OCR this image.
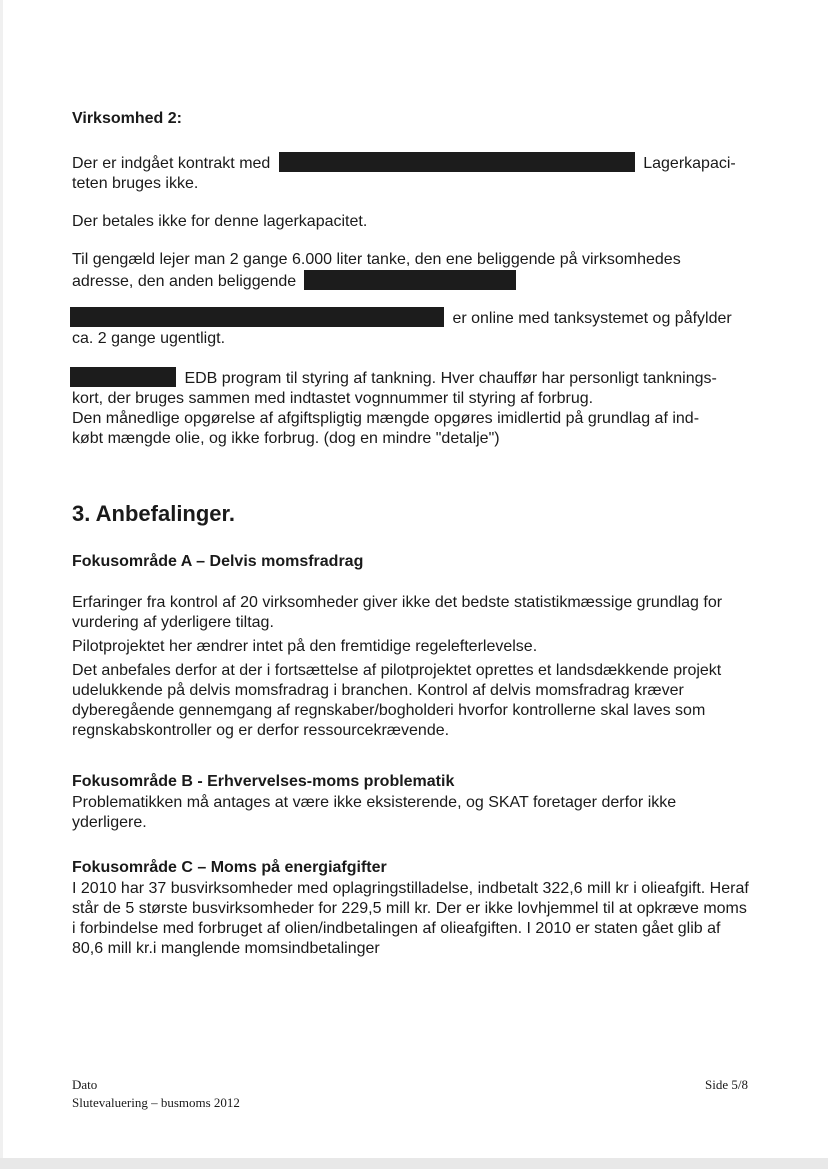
Virksomhed 2:

Der er indgået kontrakt med	Lagerkapaci-
teten bruges ikke.

Der betales ikke for denne lagerkapacitet.

Til gengæld lejer man 2 gange 6.000 liter tanke, den ene beliggende på virksomhedes
adresse, den anden beliggende

er online med tanksystemet og påfylder
ca. 2 gange ugentligt.

EDB program til styring af tankning. Hver chauffør har personligt tanknings-
kort, der bruges sammen med indtastet vognnummer til styring af forbrug.
Den månedlige opgørelse af afgiftspligtig mængde opgøres imidlertid på grundlag af ind-
købt mængde olie, og ikke forbrug. (dog en mindre "detalje")

3. Anbefalinger.
Fokusområde A – Delvis momsfradrag

Erfaringer fra kontrol af 20 virksomheder giver ikke det bedste statistikmæssige grundlag for vurdering af yderligere tiltag.

Pilotprojektet her ændrer intet på den fremtidige regelefterlevelse.

Det anbefales derfor at der i fortsættelse af pilotprojektet oprettes et landsdækkende projekt udelukkende på delvis momsfradrag i branchen. Kontrol af delvis momsfradrag kræver dyberegående gennemgang af regnskaber/bogholderi hvorfor kontrollerne skal laves som regnskabskontroller og er derfor ressourcekrævende.

Fokusområde B - Erhvervelses-moms problematik

Problematikken må antages at være ikke eksisterende, og SKAT foretager derfor ikke yderligere.

Fokusområde C – Moms på energiafgifter

I 2010 har 37 busvirksomheder med oplagringstilladelse, indbetalt 322,6 mill kr i olieafgift. Heraf står de 5 største busvirksomheder for 229,5 mill kr. Der er ikke lovhjemmel til at opkræve moms i forbindelse med forbruget af olien/indbetalingen af olieafgiften. I 2010 er staten gået glib af 80,6 mill kr.i manglende momsindbetalinger

Dato
Slutevaluering – busmoms 2012
Side 5/8
